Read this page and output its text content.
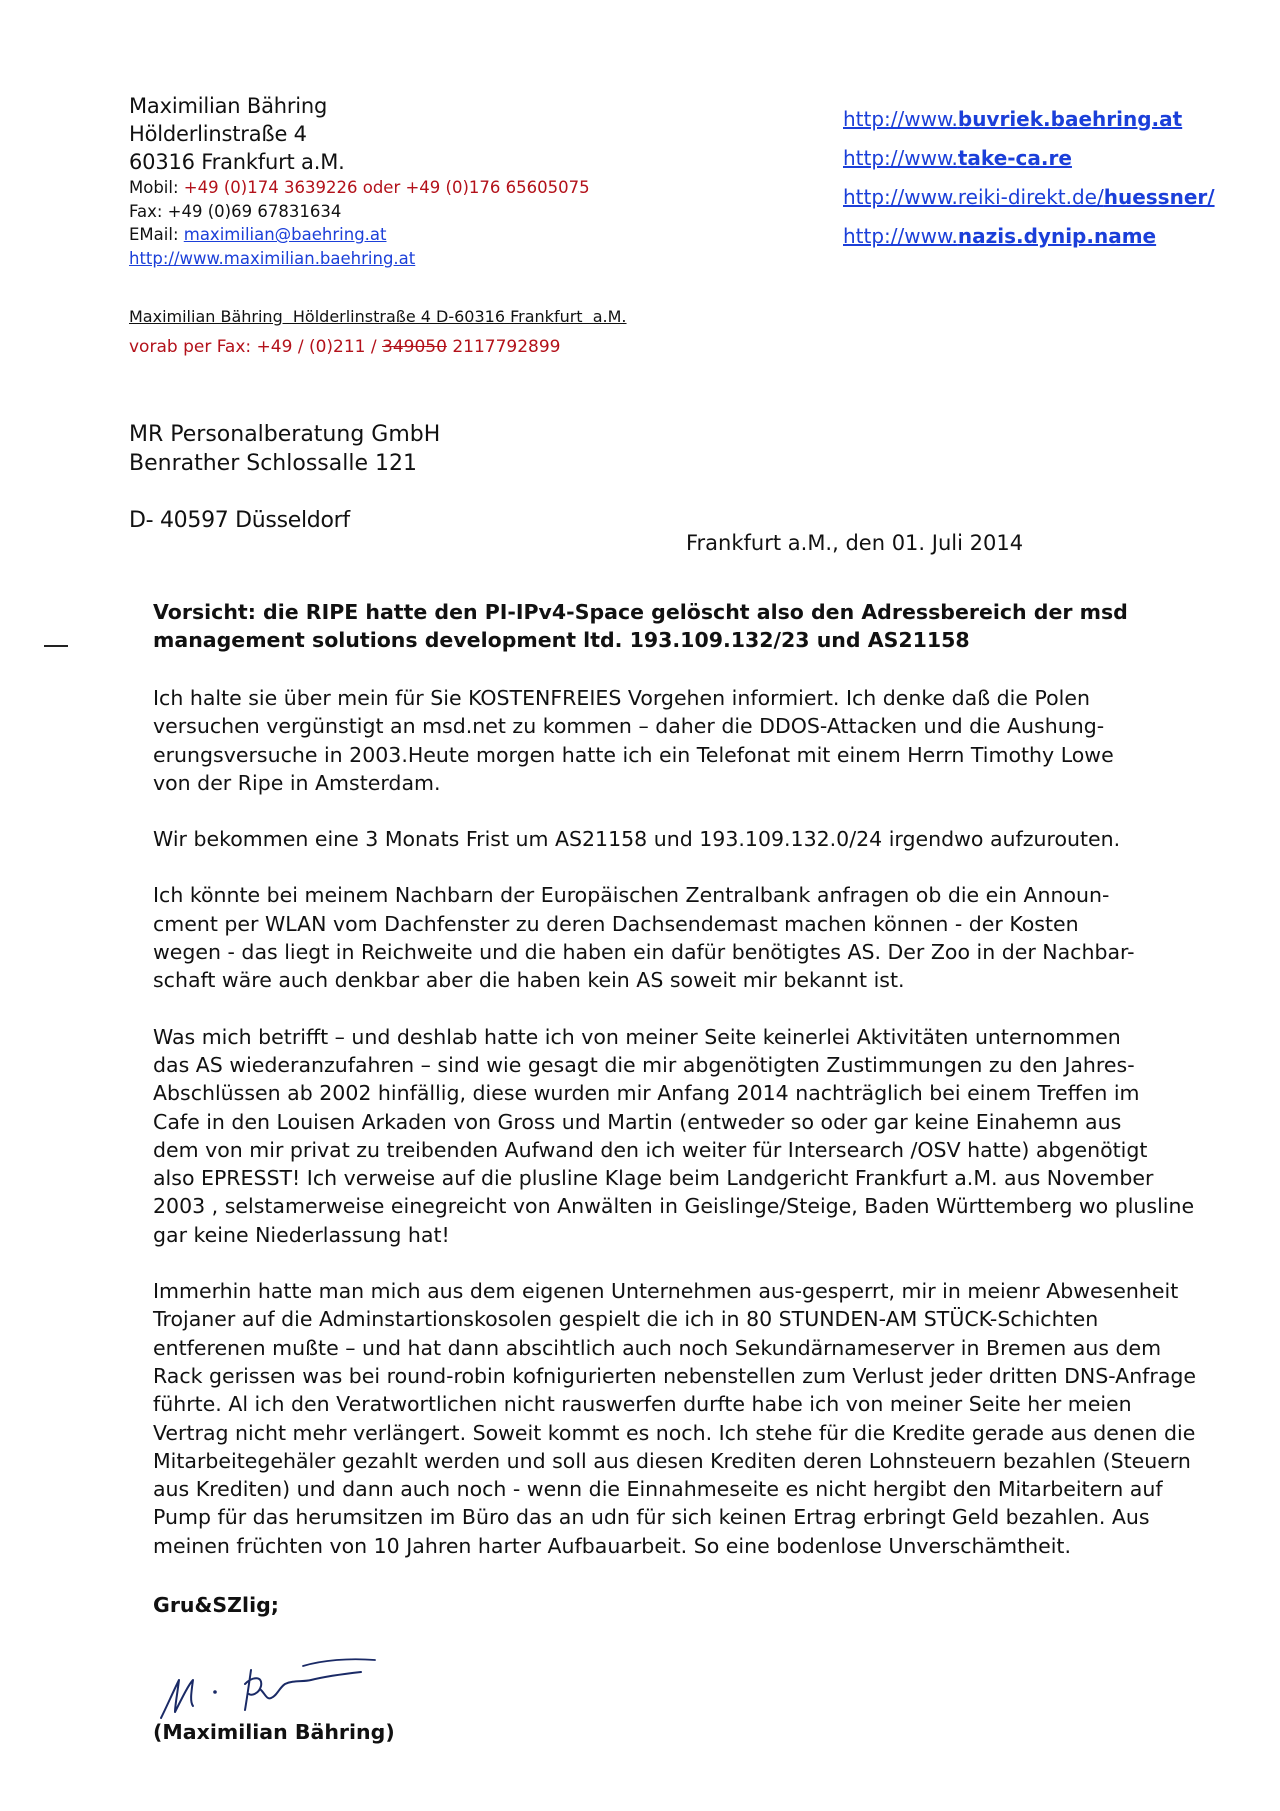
Maximilian Bähring
Hölderlinstraße 4
60316 Frankfurt a.M.
Mobil: +49 (0)174 3639226 oder +49 (0)176 65605075
Fax: +49 (0)69 67831634
EMail: maximilian@baehring.at
http://www.maximilian.baehring.at
http://www.buvriek.baehring.at
http://www.take-ca.re
http://www.reiki-direkt.de/huessner/
http://www.nazis.dynip.name
Maximilian Bähring  Hölderlinstraße 4 D-60316 Frankfurt  a.M.
vorab per Fax: +49 / (0)211 / 349050 2117792899
MR Personalberatung GmbH
Benrather Schlossalle 121
D- 40597 Düsseldorf
Frankfurt a.M., den 01. Juli 2014
Vorsicht: die RIPE hatte den PI-IPv4-Space gelöscht also den Adressbereich der msd
management solutions development ltd. 193.109.132/23 und AS21158

Ich halte sie über mein für Sie KOSTENFREIES Vorgehen informiert. Ich denke daß die Polen
versuchen vergünstigt an msd.net zu kommen – daher die DDOS-Attacken und die Aushung-
erungsversuche in 2003.Heute morgen hatte ich ein Telefonat mit einem Herrn Timothy Lowe
von der Ripe in Amsterdam.

Wir bekommen eine 3 Monats Frist um AS21158 und 193.109.132.0/24 irgendwo aufzurouten.

Ich könnte bei meinem Nachbarn der Europäischen Zentralbank anfragen ob die ein Announ-
cment per WLAN vom Dachfenster zu deren Dachsendemast machen können - der Kosten
wegen - das liegt in Reichweite und die haben ein dafür benötigtes AS. Der Zoo in der Nachbar-
schaft wäre auch denkbar aber die haben kein AS soweit mir bekannt ist.

Was mich betrifft – und deshlab hatte ich von meiner Seite keinerlei Aktivitäten unternommen
das AS wiederanzufahren – sind wie gesagt die mir abgenötigten Zustimmungen zu den Jahres-
Abschlüssen ab 2002 hinfällig, diese wurden mir Anfang 2014 nachträglich bei einem Treffen im
Cafe in den Louisen Arkaden von Gross und Martin (entweder so oder gar keine Einahemn aus
dem von mir privat zu treibenden Aufwand den ich weiter für Intersearch /OSV hatte) abgenötigt
also EPRESST! Ich verweise auf die plusline Klage beim Landgericht Frankfurt a.M. aus November
2003 , selstamerweise einegreicht von Anwälten in Geislinge/Steige, Baden Württemberg wo plusline
gar keine Niederlassung hat!

Immerhin hatte man mich aus dem eigenen Unternehmen aus-gesperrt, mir in meienr Abwesenheit
Trojaner auf die Adminstartionskosolen gespielt die ich in 80 STUNDEN-AM STÜCK-Schichten
entferenen mußte – und hat dann abscihtlich auch noch Sekundärnameserver in Bremen aus dem
Rack gerissen was bei round-robin kofnigurierten nebenstellen zum Verlust jeder dritten DNS-Anfrage
führte. Al ich den Veratwortlichen nicht rauswerfen durfte habe ich von meiner Seite her meien
Vertrag nicht mehr verlängert. Soweit kommt es noch. Ich stehe für die Kredite gerade aus denen die
Mitarbeitegehäler gezahlt werden und soll aus diesen Krediten deren Lohnsteuern bezahlen (Steuern
aus Krediten) und dann auch noch - wenn die Einnahmeseite es nicht hergibt den Mitarbeitern auf
Pump für das herumsitzen im Büro das an udn für sich keinen Ertrag erbringt Geld bezahlen. Aus
meinen früchten von 10 Jahren harter Aufbauarbeit. So eine bodenlose Unverschämtheit.

Gru&SZlig;
(Maximilian Bähring)
